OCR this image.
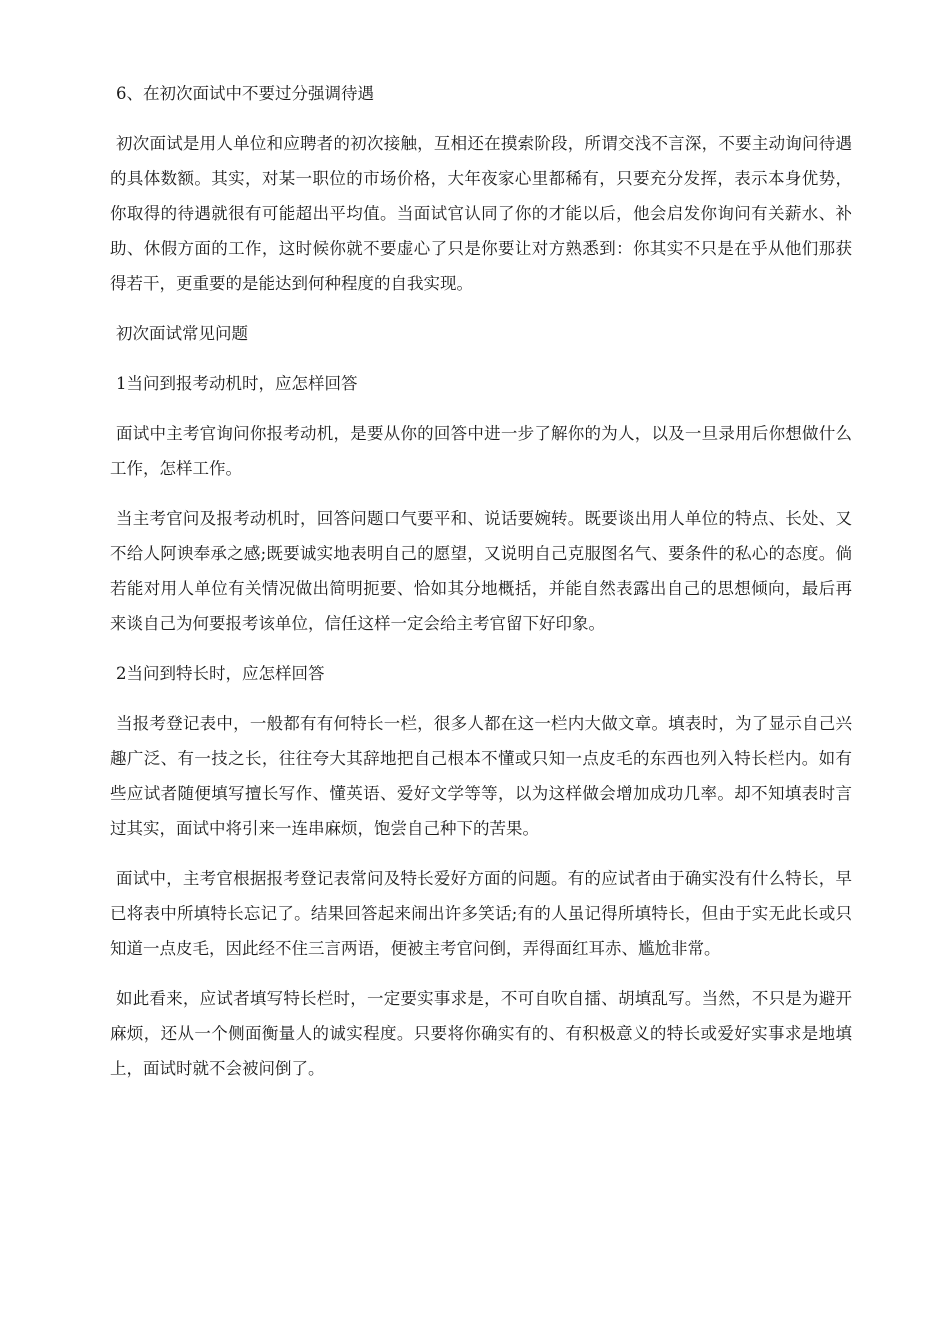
6、在初次面试中不要过分强调待遇

初次面试是用人单位和应聘者的初次接触，互相还在摸索阶段，所谓交浅不言深，不要主动询问待遇的具体数额。其实，对某一职位的市场价格，大年夜家心里都稀有，只要充分发挥，表示本身优势，你取得的待遇就很有可能超出平均值。当面试官认同了你的才能以后，他会启发你询问有关薪水、补助、休假方面的工作，这时候你就不要虚心了只是你要让对方熟悉到：你其实不只是在乎从他们那获得若干，更重要的是能达到何种程度的自我实现。

初次面试常见问题
1当问到报考动机时，应怎样回答

面试中主考官询问你报考动机，是要从你的回答中进一步了解你的为人，以及一旦录用后你想做什么工作，怎样工作。

当主考官问及报考动机时，回答问题口气要平和、说话要婉转。既要谈出用人单位的特点、长处、又不给人阿谀奉承之感;既要诚实地表明自己的愿望，又说明自己克服图名气、要条件的私心的态度。倘若能对用人单位有关情况做出简明扼要、恰如其分地概括，并能自然表露出自己的思想倾向，最后再来谈自己为何要报考该单位，信任这样一定会给主考官留下好印象。

2当问到特长时，应怎样回答

当报考登记表中，一般都有有何特长一栏，很多人都在这一栏内大做文章。填表时，为了显示自己兴趣广泛、有一技之长，往往夸大其辞地把自己根本不懂或只知一点皮毛的东西也列入特长栏内。如有些应试者随便填写擅长写作、懂英语、爱好文学等等，以为这样做会增加成功几率。却不知填表时言过其实，面试中将引来一连串麻烦，饱尝自己种下的苦果。

面试中，主考官根据报考登记表常问及特长爱好方面的问题。有的应试者由于确实没有什么特长，早已将表中所填特长忘记了。结果回答起来闹出许多笑话;有的人虽记得所填特长，但由于实无此长或只知道一点皮毛，因此经不住三言两语，便被主考官问倒，弄得面红耳赤、尴尬非常。

如此看来，应试者填写特长栏时，一定要实事求是，不可自吹自擂、胡填乱写。当然，不只是为避开麻烦，还从一个侧面衡量人的诚实程度。只要将你确实有的、有积极意义的特长或爱好实事求是地填上，面试时就不会被问倒了。
